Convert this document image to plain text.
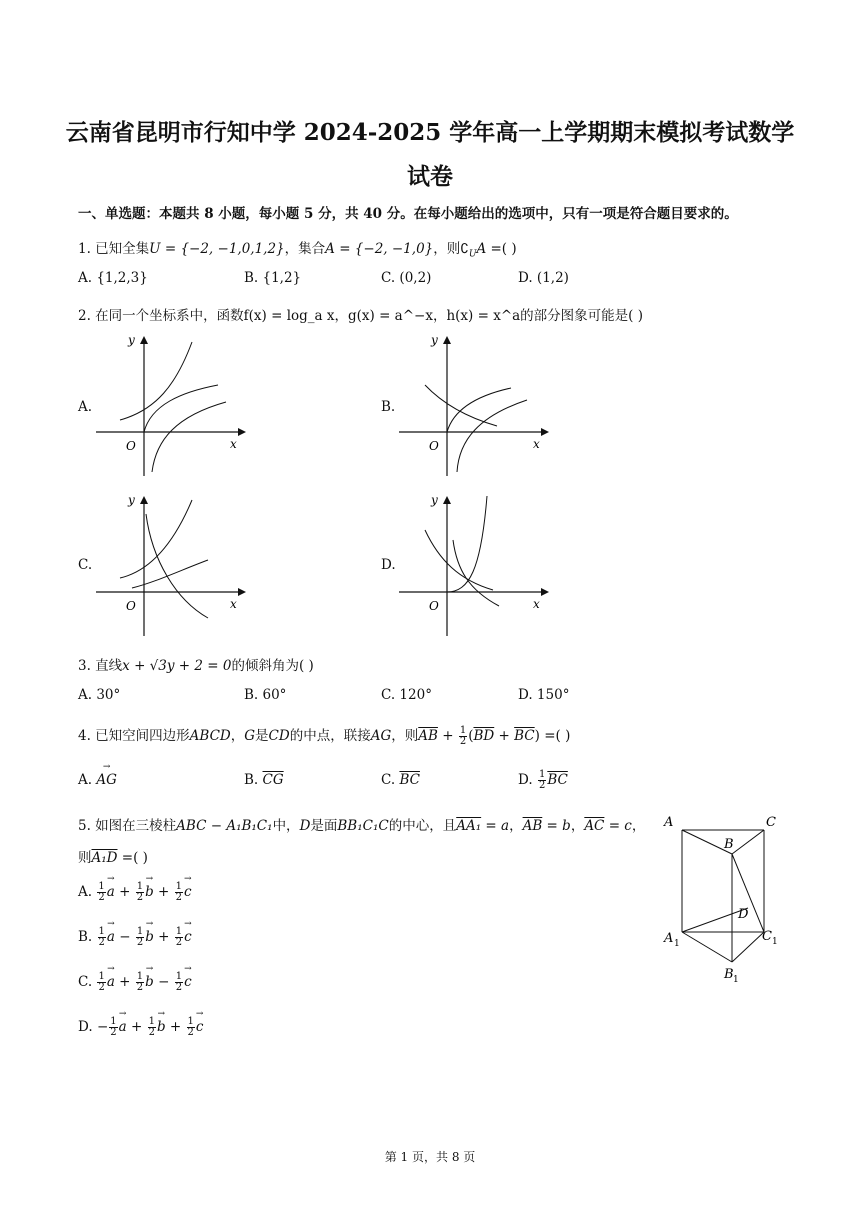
云南省昆明市行知中学 2024-2025 学年高一上学期期末模拟考试数学
试卷
一、单选题：本题共 8 小题，每小题 5 分，共 40 分。在每小题给出的选项中，只有一项是符合题目要求的。
1. 已知全集U = {−2, −1,0,1,2}，集合A = {−2, −1,0}，则$∁_UA$ =( )
A. {1,2,3}	B. {1,2}	C. (0,2)	D. (1,2)
2. 在同一个坐标系中，函数f(x) = log_a x，g(x) = a^−x，h(x) = x^a的部分图象可能是( )
A.	B.
C.	D.
y
x
O
y
x
O
y
x
O
y
x
O
3. 直线x + √3y + 2 = 0的倾斜角为( )
A. 30°	B. 60°	C. 120°	D. 150°
4. 已知空间四边形ABCD，G是CD的中点，联接AG，则$\overline{AB} + \frac{1}{2} (\overline{BD} + \overline{BC})$ =( )
A. → AG	B. $\overline{CG}$	C. $\overline{BC}$	D. $\frac{1}{2} \overline{BC}$
5. 如图在三棱柱ABC − A₁B₁C₁中，D是面BB₁C₁C的中心，且AA₁ = a，$\overline{AB} = b$，$\overline{AC} = c$，
则A₁D =( )
A. $\frac{1}{2} \to a + \frac{1}{2} \to b + \frac{1}{2} \to c$
B. $\frac{1}{2} \to a - \frac{1}{2} \to b + \frac{1}{2} \to c$
C. $\frac{1}{2} \to a + \frac{1}{2} \to b - \frac{1}{2} \to c$
D. − $\frac{1}{2} \to a + \frac{1}{2} \to b + \frac{1}{2} \to c$
A	C
B
D
A 1	C 1
B 1
第 1 页，共 8 页
